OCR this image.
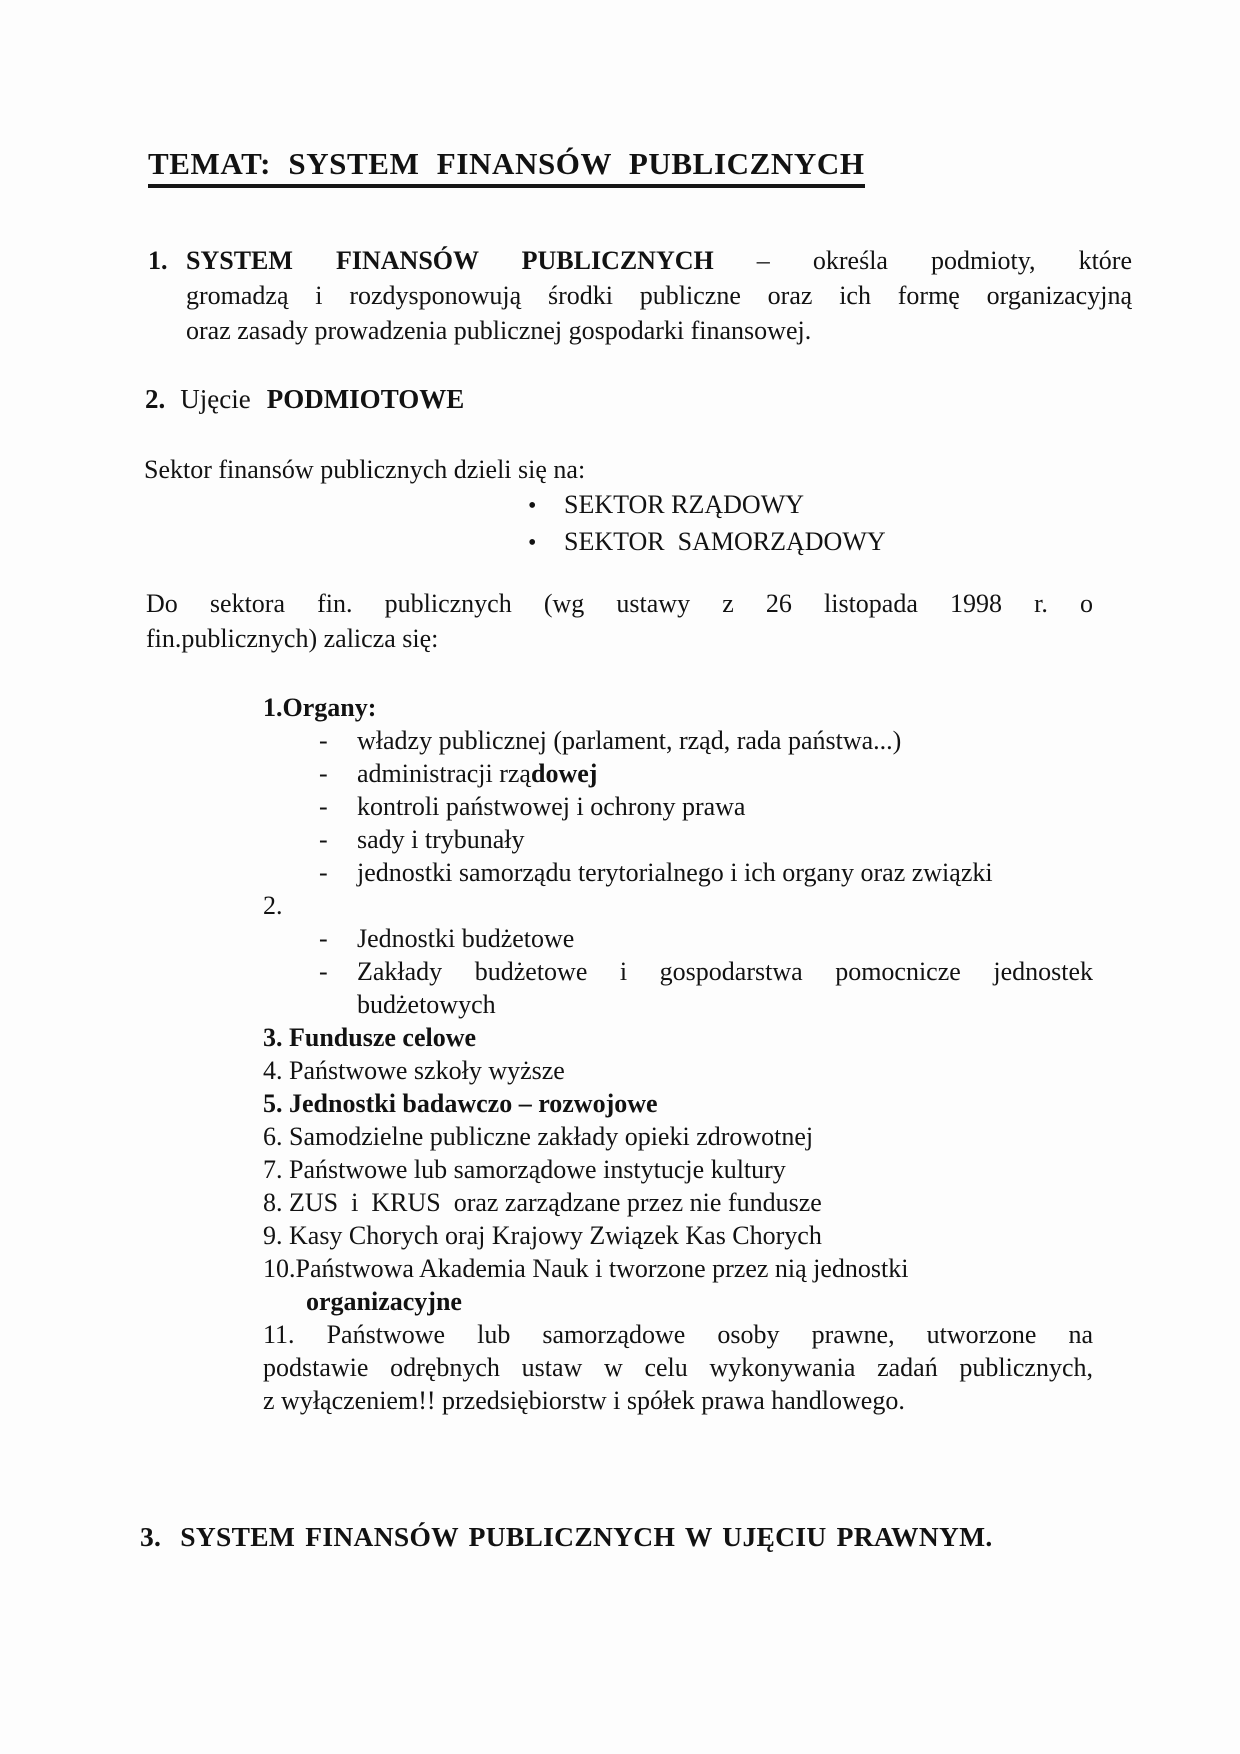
TEMAT: SYSTEM FINANSÓW PUBLICZNYCH
1. SYSTEM FINANSÓW PUBLICZNYCH – określa podmioty, które
gromadzą i rozdysponowują środki publiczne oraz ich formę organizacyjną
oraz zasady prowadzenia publicznej gospodarki finansowej.
2. Ujęcie PODMIOTOWE
Sektor finansów publicznych dzieli się na:
• SEKTOR RZĄDOWY
• SEKTOR  SAMORZĄDOWY
Do sektora fin. publicznych (wg ustawy z 26 listopada 1998 r. o
fin.publicznych) zalicza się:
1.Organy:
- władzy publicznej (parlament, rząd, rada państwa...)
- administracji rządowej
- kontroli państwowej i ochrony prawa
- sady i trybunały
- jednostki samorządu terytorialnego i ich organy oraz związki
2.
- Jednostki budżetowe
- Zakłady budżetowe i gospodarstwa pomocnicze jednostek
budżetowych
3. Fundusze celowe
4. Państwowe szkoły wyższe
5. Jednostki badawczo – rozwojowe
6. Samodzielne publiczne zakłady opieki zdrowotnej
7. Państwowe lub samorządowe instytucje kultury
8. ZUS  i  KRUS  oraz zarządzane przez nie fundusze
9. Kasy Chorych oraj Krajowy Związek Kas Chorych
10.Państwowa Akademia Nauk i tworzone przez nią jednostki
organizacyjne
11. Państwowe lub samorządowe osoby prawne, utworzone na
podstawie odrębnych ustaw w celu wykonywania zadań publicznych,
z wyłączeniem!! przedsiębiorstw i spółek prawa handlowego.
3. SYSTEM FINANSÓW PUBLICZNYCH W UJĘCIU PRAWNYM.
